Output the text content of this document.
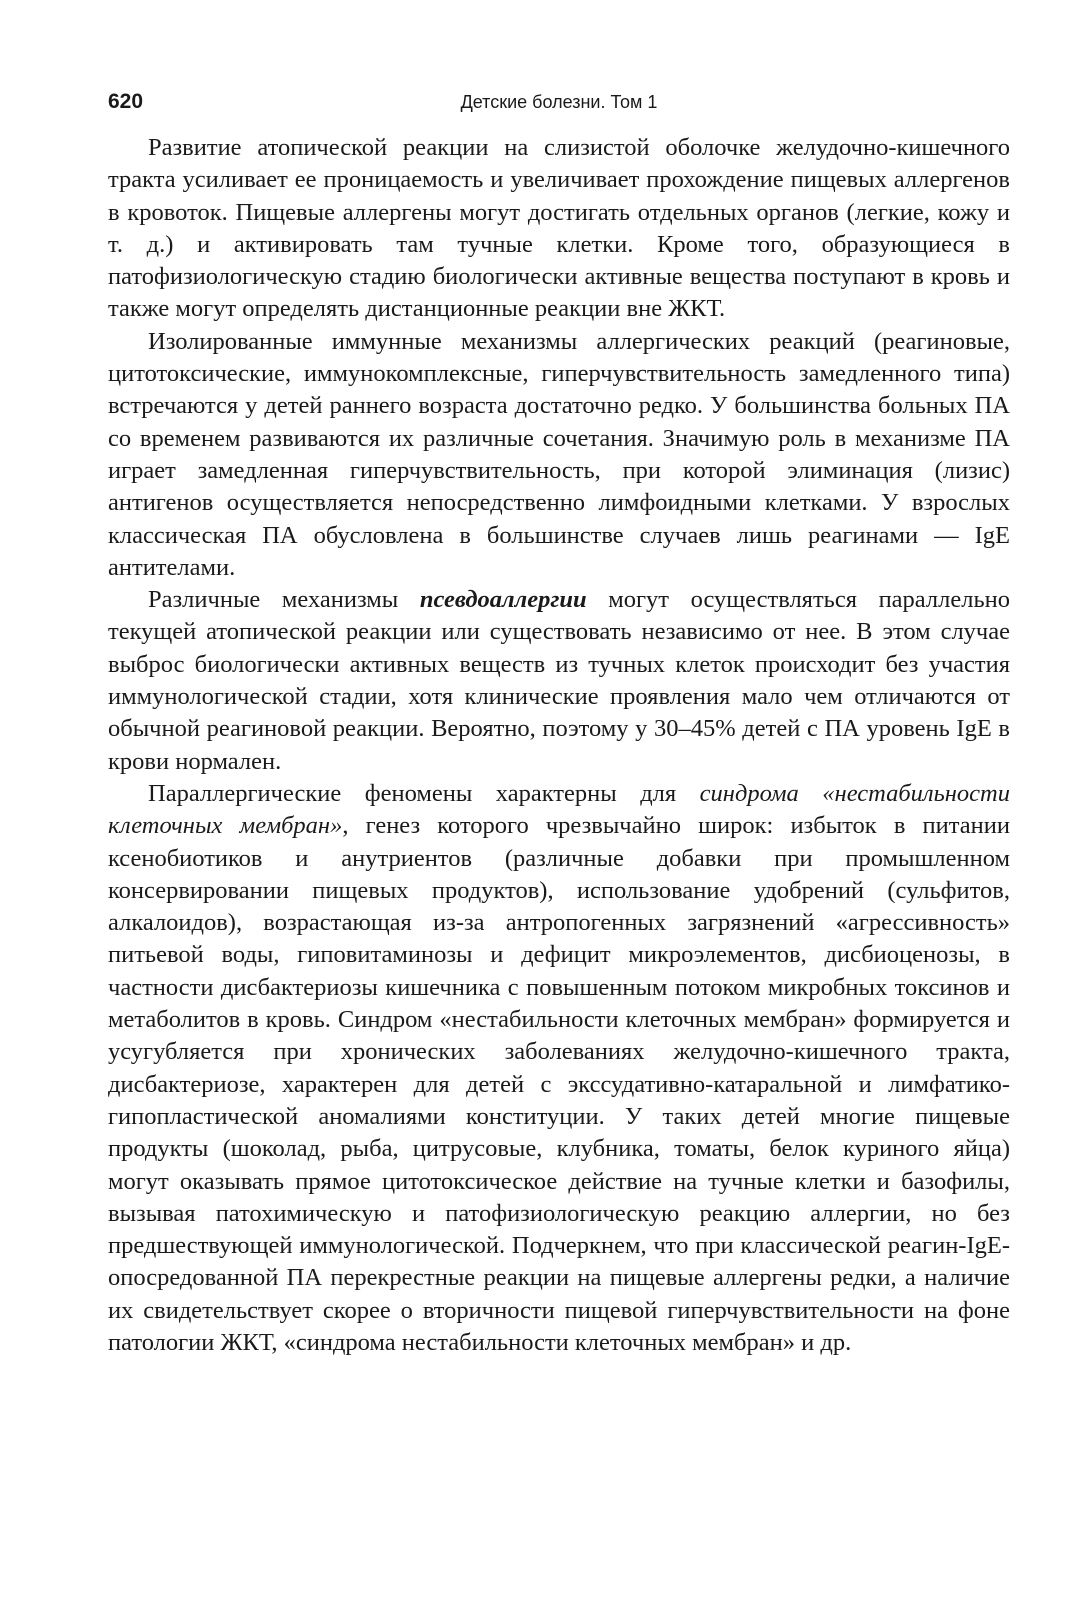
620	Детские болезни. Том 1

Развитие атопической реакции на слизистой оболочке желудочно-кишечного тракта усиливает ее проницаемость и увеличивает прохождение пищевых аллергенов в кровоток. Пищевые аллергены могут достигать отдельных органов (легкие, кожу и т. д.) и активировать там тучные клетки. Кроме того, образующиеся в патофизиологическую стадию биологически активные вещества поступают в кровь и также могут определять дистанционные реакции вне ЖКТ.

Изолированные иммунные механизмы аллергических реакций (реагиновые, цитотоксические, иммунокомплексные, гиперчувствительность замедленного типа) встречаются у детей раннего возраста достаточно редко. У большинства больных ПА со временем развиваются их различные сочетания. Значимую роль в механизме ПА играет замедленная гиперчувствительность, при которой элиминация (лизис) антигенов осуществляется непосредственно лимфоидными клетками. У взрослых классическая ПА обусловлена в большинстве случаев лишь реагинами — IgE антителами.

Различные механизмы псевдоаллергии могут осуществляться параллельно текущей атопической реакции или существовать независимо от нее. В этом случае выброс биологически активных веществ из тучных клеток происходит без участия иммунологической стадии, хотя клинические проявления мало чем отличаются от обычной реагиновой реакции. Вероятно, поэтому у 30–45% детей с ПА уровень IgE в крови нормален.

Параллергические феномены характерны для синдрома «нестабильности клеточных мембран», генез которого чрезвычайно широк: избыток в питании ксенобиотиков и анутриентов (различные добавки при промышленном консервировании пищевых продуктов), использование удобрений (сульфитов, алкалоидов), возрастающая из-за антропогенных загрязнений «агрессивность» питьевой воды, гиповитаминозы и дефицит микроэлементов, дисбиоценозы, в частности дисбактериозы кишечника с повышенным потоком микробных токсинов и метаболитов в кровь. Синдром «нестабильности клеточных мембран» формируется и усугубляется при хронических заболеваниях желудочно-кишечного тракта, дисбактериозе, характерен для детей с экссудативно-катаральной и лимфатико-гипопластической аномалиями конституции. У таких детей многие пищевые продукты (шоколад, рыба, цитрусовые, клубника, томаты, белок куриного яйца) могут оказывать прямое цитотоксическое действие на тучные клетки и базофилы, вызывая патохимическую и патофизиологическую реакцию аллергии, но без предшествующей иммунологической. Подчеркнем, что при классической реагин-IgE-опосредованной ПА перекрестные реакции на пищевые аллергены редки, а наличие их свидетельствует скорее о вторичности пищевой гиперчувствительности на фоне патологии ЖКТ, «синдрома нестабильности клеточных мембран» и др.
